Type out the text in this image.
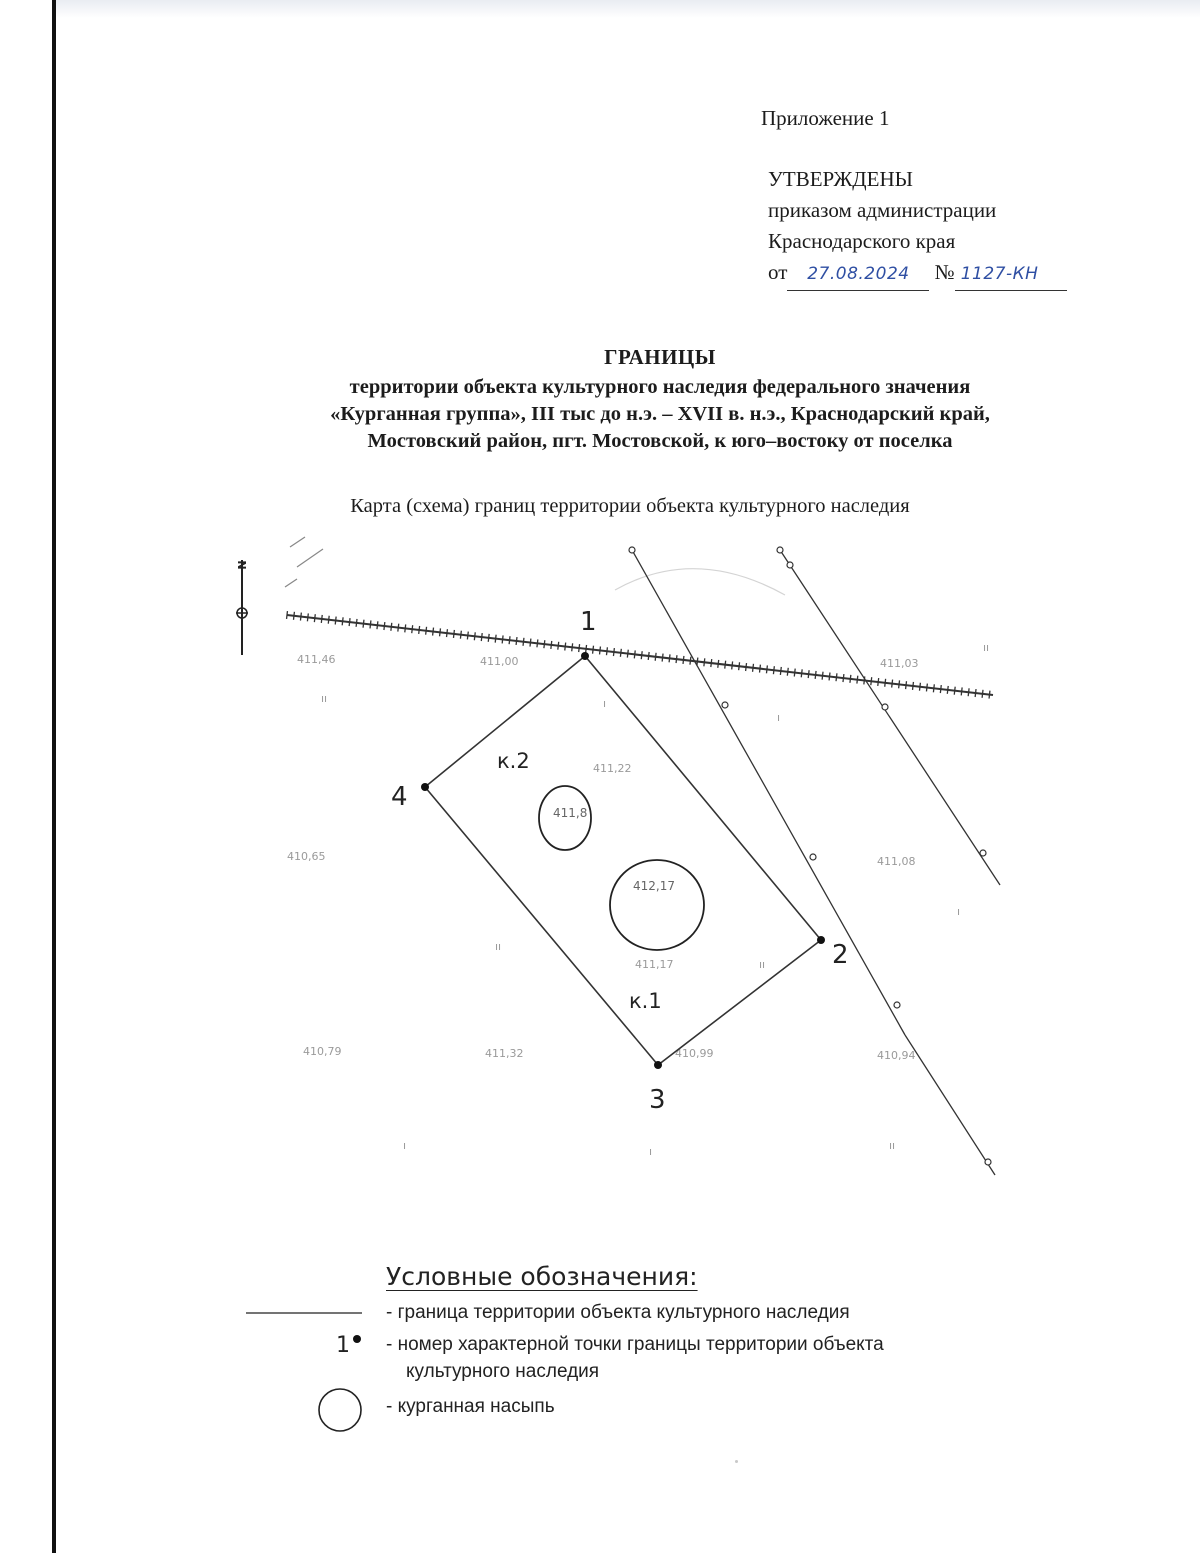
Приложение 1
УТВЕРЖДЕНЫ
приказом администрации
Краснодарского края
от 27.08.2024 № 1127-КН
ГРАНИЦЫ
территории объекта культурного наследия федерального значения
«Курганная группа», III тыс до н.э. – XVII в. н.э., Краснодарский край,
Мостовский район, пгт. Мостовской, к юго–востоку от поселка
Карта (схема) границ территории объекта культурного наследия
N
411,46	411,00	411,03
411,22
410,65	411,08
411,17
410,79	411,32	410,99	410,94
ıı	ı
ı
ıı
ıı
ıı
ı
ı	ı	ıı
1
2
3
4
411,8
412,17
к.2
к.1
Условные обозначения:
- граница территории объекта культурного наследия
1	- номер характерной точки границы территории объекта
культурного наследия
- курганная насыпь
